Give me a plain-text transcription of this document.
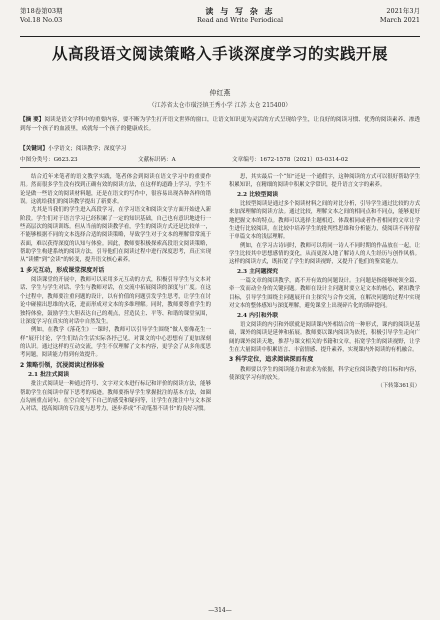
第18卷第03期
Vol.18 No.03
读 与 写 杂 志
Read and Write Periodical
2021年3月
March 2021
从高段语文阅读策略入手谈深度学习的实践开展
仲红燕
（江苏省太仓市璜泾镇王秀小学 江苏 太仓 215400）
【摘 要】阅读是语文学科中的重要内容，要不断为学生打开语文世界的窗口，让语文知识更为灵活的方式呈现给学生，让良好的阅读习惯、优秀的阅读素养、渗透到每一个孩子的血液里，成就每一个孩子的健康成长。
【关键词】小学语文；阅读教学；深度学习
中图分类号：G623.23	文献标识码：A	文章编号：1672-1578（2021）03-0314-02

结合近年来笔者的语文教学实践，笔者体会到阅读在语文学习中的重要作用。然而很多学生没有找到正确有效的阅读方法，在这样的道路上学习，学生不论是做一些语文的阅读材料题，还是在语文的写作中，很容易出现各种各样的错误。这就给我们的阅读教学提出了新要求。

尤其是当我们的学生进入高段学习，在学习语文和阅读文学方面开始进入新阶段。学生们对于语言学习已经积累了一定的知识基础，自己也有意识地进行一些高层次的阅读训练。但从当前的阅读教学看，学生的阅读方式还是比较单一，不能够根据不同的文本选择合适的阅读策略，导致学生对于文本的理解常常流于表面，难以获得深度的认知与体验。因此，教师要积极探索高段语文阅读策略，帮助学生构建系统的阅读方法，引导他们在阅读过程中进行深度思考，真正实现从“读懂”到“会读”的转变，提升语文核心素养。

1 多元互动，形成课堂深度对话

阅读课堂的开展中，教师可以采用多元互动的方式，积极引导学生与文本对话、学生与学生对话、学生与教师对话，在交流中拓展阅读的深度与广度。在这个过程中，教师要注重问题的设计，以有价值的问题引发学生思考，让学生在讨论中碰撞出思维的火花，进而形成对文本的多维理解。同时，教师要尊重学生的独特体验，鼓励学生大胆表达自己的观点，营造民主、平等、和谐的课堂氛围，让深度学习在真实的对话中自然发生。

例如，在教学《落花生》一课时，教师可以引导学生围绕“做人要像花生一样”展开讨论，学生们结合生活实际各抒己见，对课文的中心思想有了更加深刻的认识。通过这样的互动交流，学生不仅理解了文本内容，更学会了从多角度思考问题，阅读能力得到有效提升。

2 策略引领，沉浸阅读过程体验
2.1 批注式阅读

批注式阅读是一种通过符号、文字对文本进行标记和评价的阅读方法，能够帮助学生在阅读中留下思考的痕迹。教师要指导学生掌握批注的基本方法，如圈点勾画重点词句、在空白处写下自己的感受和疑问等，让学生在批注中与文本深入对话，提高阅读的专注度与思考力，逐步养成“不动笔墨不读书”的良好习惯。

思，其实最后一个“知”还是一个通假字，这种阅读的方式可以很好帮助学生积累知识，在精细的阅读中积累文学常识，提升语言文字的素养。

2.2 比较型阅读

比较型阅读是通过多个阅读材料之间的对比分析，引导学生通过比较的方式来加深理解的阅读方法。通过比较，理解文本之间的相同点和不同点，能够更好地把握文本的特点。教师可以选择主题相近、体裁相同或者作者相同的文章让学生进行比较阅读，在比较中培养学生的批判性思维和分析能力，使阅读不再停留于单篇文本的浅层理解。

例如，在学习古诗词时，教师可以将同一诗人不同时期的作品放在一起，让学生比较其中思想感情的变化，从而更深入地了解诗人的人生经历与创作风格。这样的阅读方式，既拓宽了学生的阅读视野，又提升了他们的鉴赏能力。

2.3 主问题探究

一篇文章的阅读教学，离不开有效的问题设计。主问题是指能够统领全篇、牵一发而动全身的关键问题。教师在设计主问题时要立足文本的核心，紧扣教学目标，引导学生围绕主问题展开自主探究与合作交流，在解决问题的过程中实现对文本的整体感知与深度理解，避免课堂上出现碎片化的琐碎提问。

2.4 内引和外联

语文阅读的内引和外联就是阅读课内外相结合的一种形式，课内的阅读是基础，课外的阅读是延伸和拓展。教师要以课内阅读为依托，积极引导学生走向广阔的课外阅读天地，推荐与课文相关的书籍和文章，拓宽学生的阅读视野，让学生在大量阅读中积累语言、丰富情感、提升素养，实现课内外阅读的有机融合。

3 科学定位，追求阅读深而有度

教师要以学生的阅读能力和需求为依据，科学定位阅读教学的目标和内容，使深度学习有的放矢。

（下转第361页）
—314—
